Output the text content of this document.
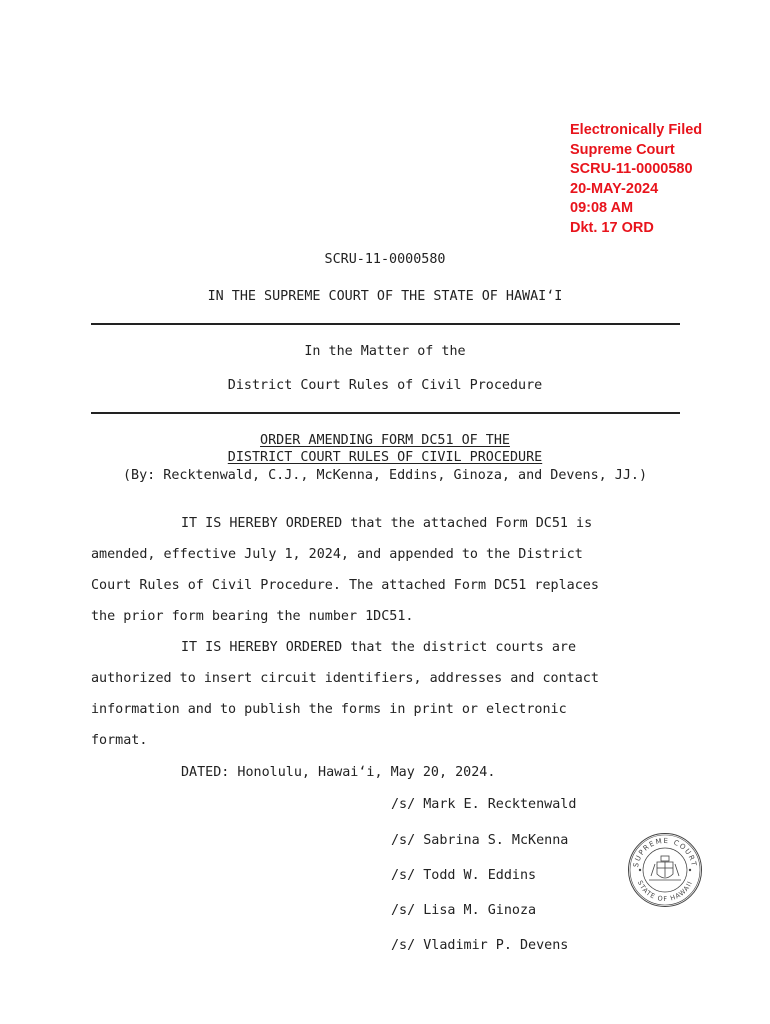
Electronically Filed
Supreme Court
SCRU-11-0000580
20-MAY-2024
09:08 AM
Dkt. 17 ORD
SCRU-11-0000580
IN THE SUPREME COURT OF THE STATE OF HAWAIʻI
In the Matter of the
District Court Rules of Civil Procedure
ORDER AMENDING FORM DC51 OF THE
DISTRICT COURT RULES OF CIVIL PROCEDURE
(By: Recktenwald, C.J., McKenna, Eddins, Ginoza, and Devens, JJ.)
IT IS HEREBY ORDERED that the attached Form DC51 is
amended, effective July 1, 2024, and appended to the District
Court Rules of Civil Procedure. The attached Form DC51 replaces
the prior form bearing the number 1DC51.
IT IS HEREBY ORDERED that the district courts are
authorized to insert circuit identifiers, addresses and contact
information and to publish the forms in print or electronic
format.
DATED: Honolulu, Hawaiʻi, May 20, 2024.
/s/ Mark E. Recktenwald
/s/ Sabrina S. McKenna
/s/ Todd W. Eddins
/s/ Lisa M. Ginoza
/s/ Vladimir P. Devens
SUPREME COURT
STATE OF HAWAII
